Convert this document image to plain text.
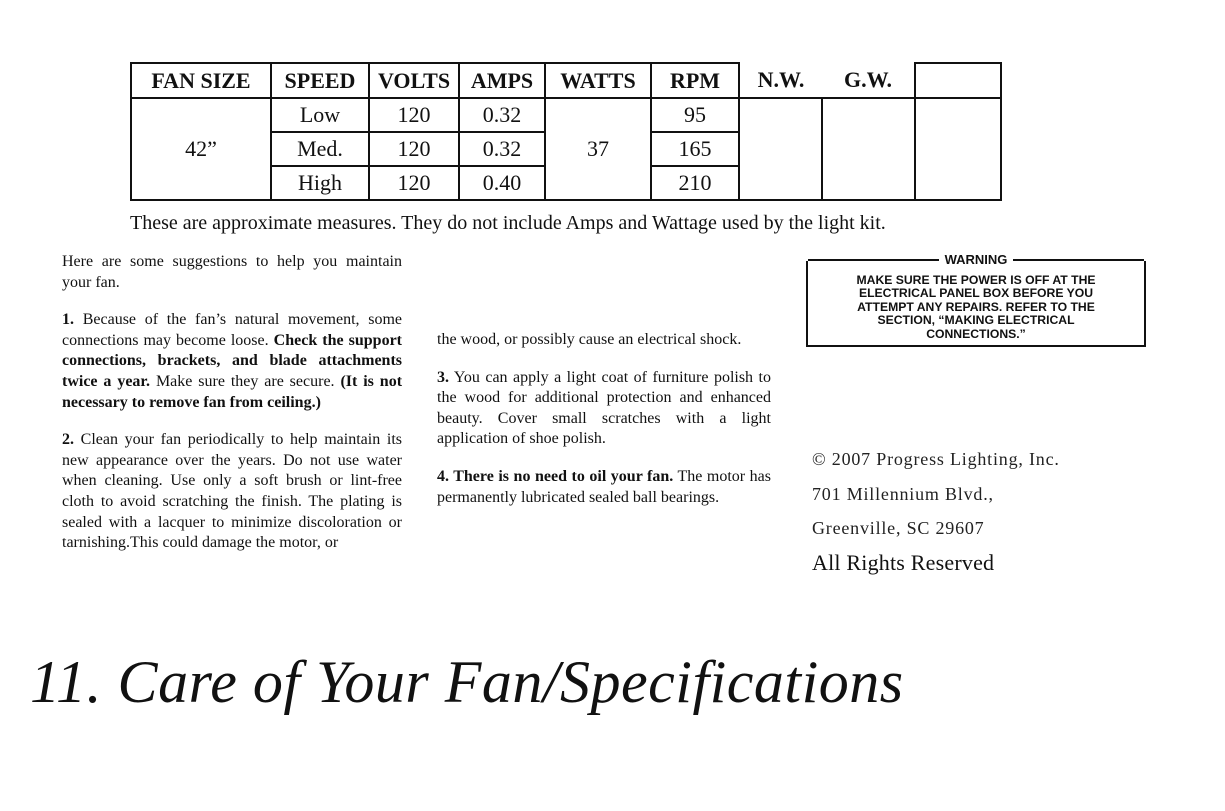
FAN SIZE	SPEED	VOLTS	AMPS	WATTS	RPM	N.W.	G.W.	
42”	Low	120	0.32	37	95			
	Med.	120	0.32		165			
	High	120	0.40		210			
These are approximate measures. They do not include Amps and Wattage used by the light kit.

Here are some suggestions to help you maintain your fan.

1. Because of the fan’s natural movement, some connections may become loose. Check the support connections, brackets, and blade attachments twice a year. Make sure they are secure. (It is not necessary to remove fan from ceiling.)

2. Clean your fan periodically to help maintain its new appearance over the years. Do not use water when cleaning. Use only a soft brush or lint-free cloth to avoid scratching the finish. The plating is sealed with a lacquer to minimize discoloration or tarnishing.This could damage the motor, or

the wood, or possibly cause an electrical shock.

3. You can apply a light coat of furniture polish to the wood for additional protection and enhanced beauty. Cover small scratches with a light application of shoe polish.

4. There is no need to oil your fan. The motor has permanently lubricated sealed ball bearings.

WARNING
MAKE SURE THE POWER IS OFF AT THE ELECTRICAL PANEL BOX BEFORE YOU ATTEMPT ANY REPAIRS. REFER TO THE SECTION, “MAKING ELECTRICAL CONNECTIONS.”
© 2007 Progress Lighting, Inc.
701 Millennium Blvd.,
Greenville, SC 29607
All Rights Reserved
11. Care of Your Fan/Specifications
